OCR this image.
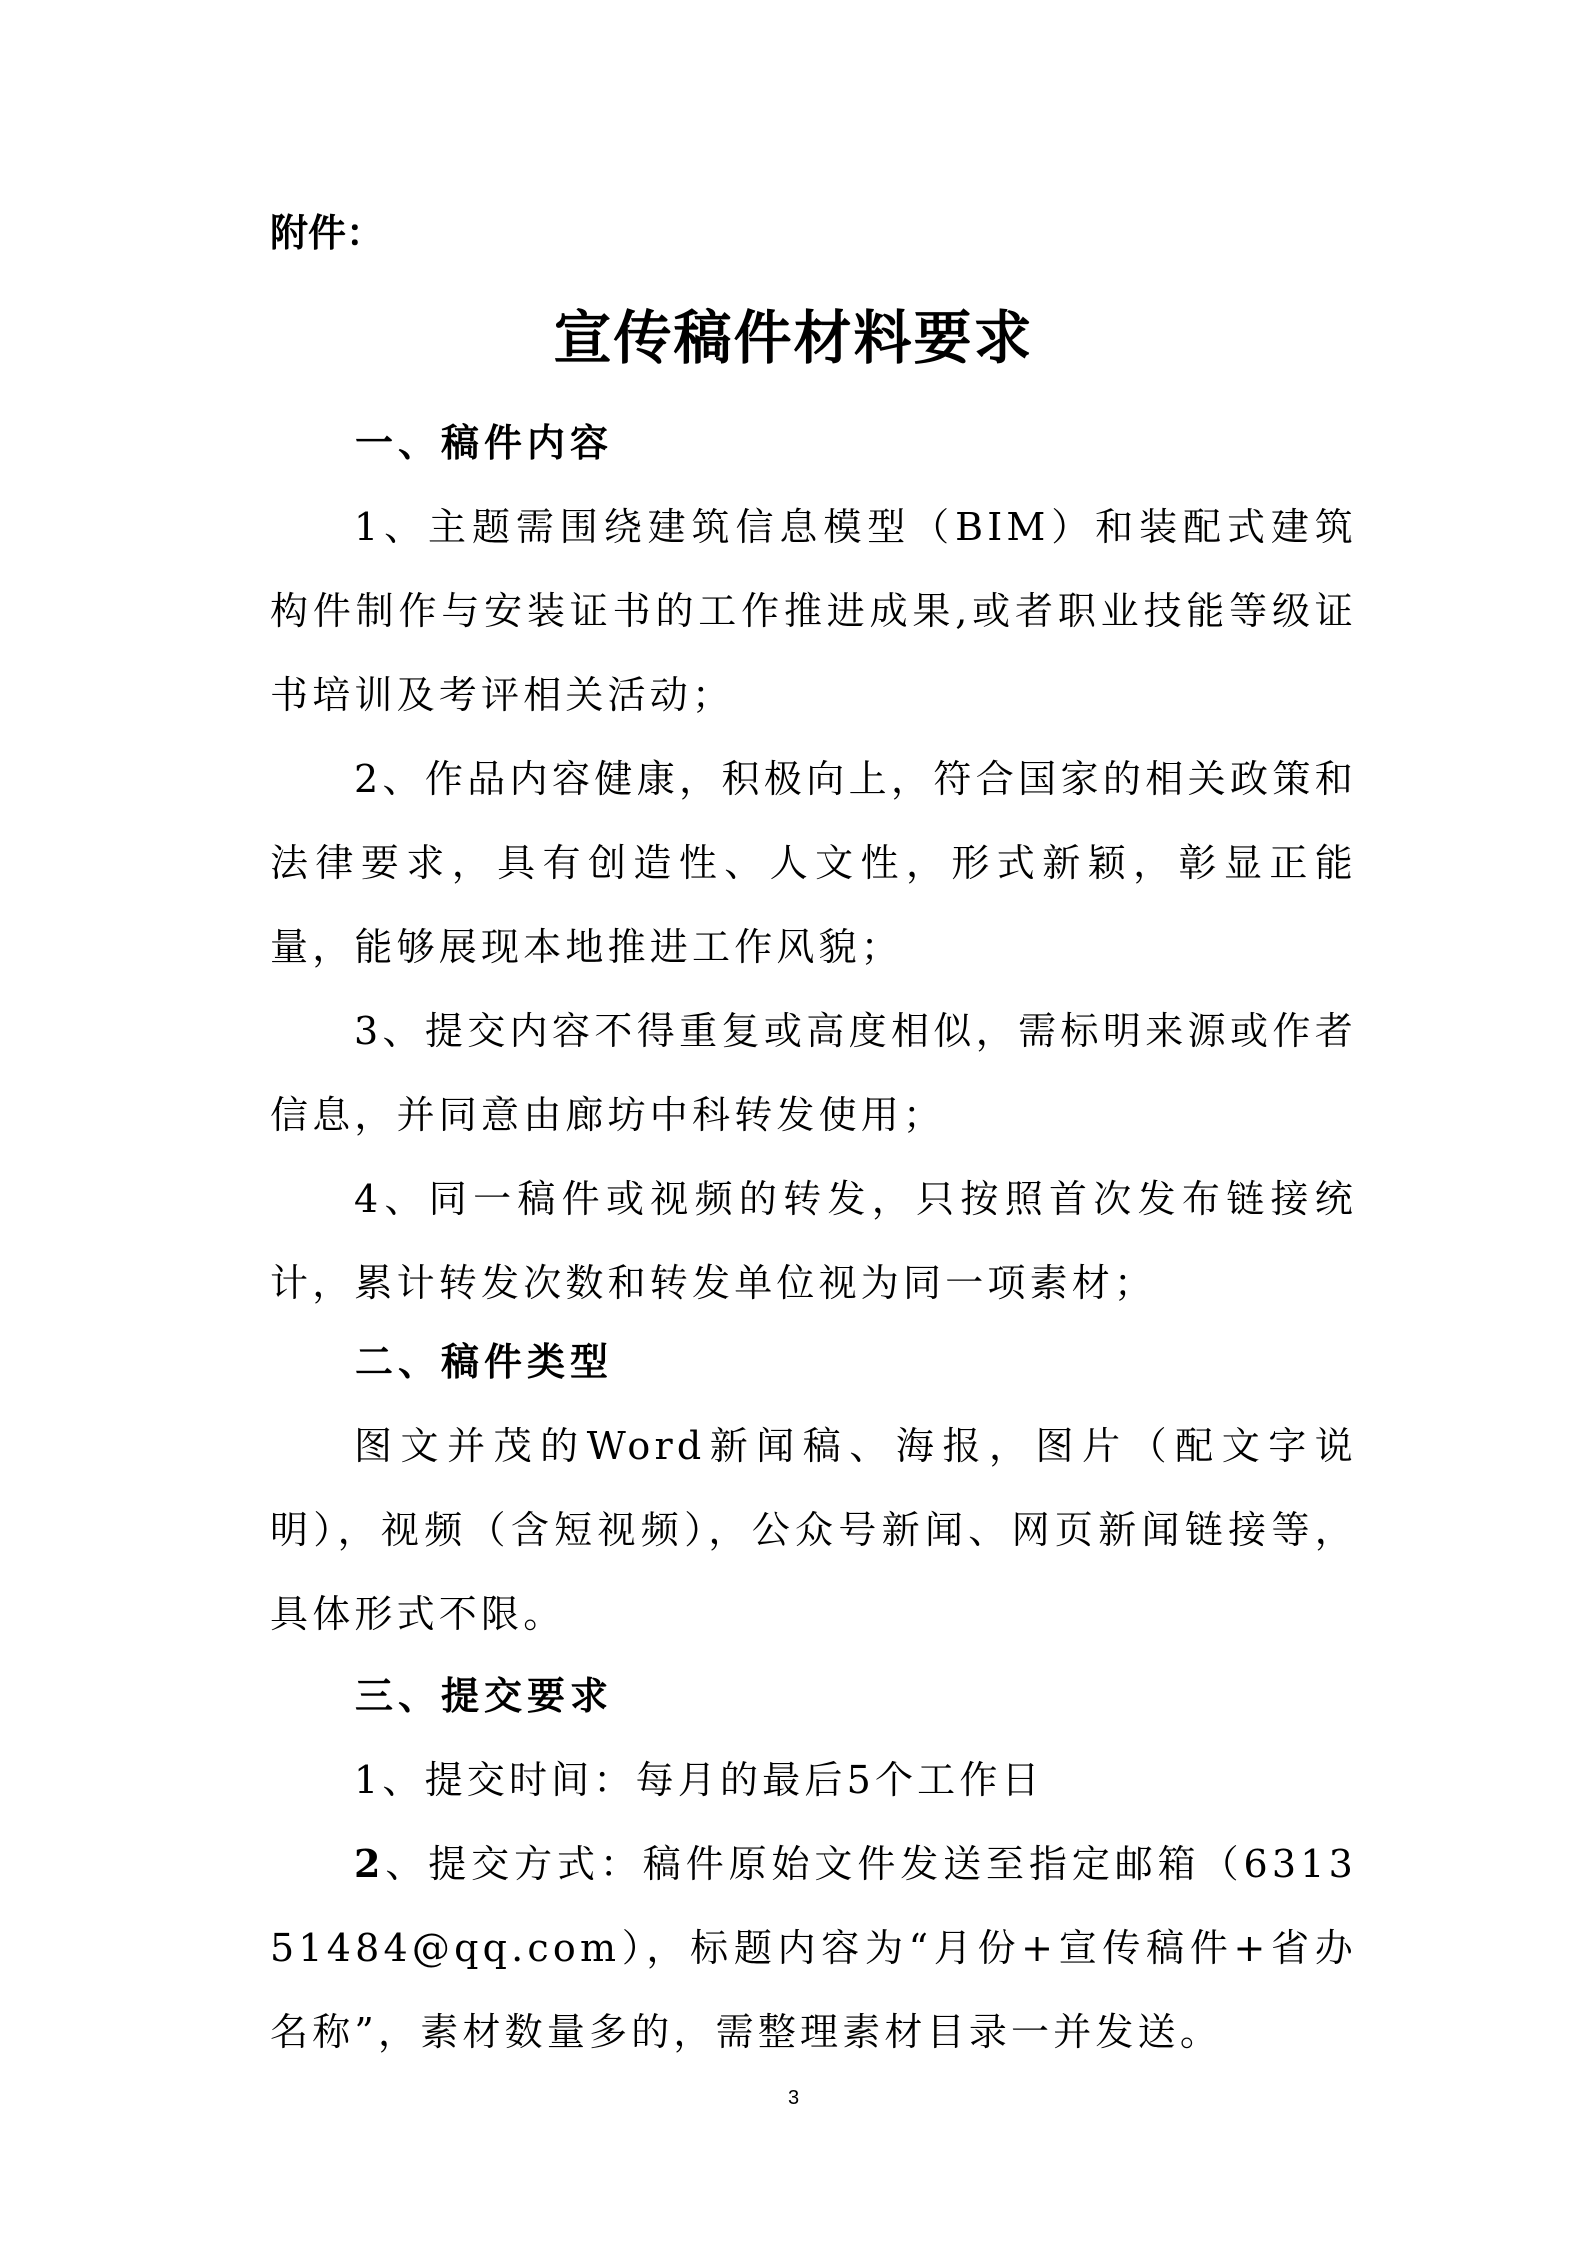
附件：
宣传稿件材料要求
一、稿件内容

1、主题需围绕建筑信息模型（BIM）和装配式建筑构件制作与安装证书的工作推进成果,或者职业技能等级证书培训及考评相关活动；

2、作品内容健康，积极向上，符合国家的相关政策和法律要求，具有创造性、人文性，形式新颖，彰显正能量，能够展现本地推进工作风貌；

3、提交内容不得重复或高度相似，需标明来源或作者信息，并同意由廊坊中科转发使用；

4、同一稿件或视频的转发，只按照首次发布链接统计，累计转发次数和转发单位视为同一项素材；

二、稿件类型

图文并茂的Word新闻稿、海报，图片（配文字说明），视频（含短视频），公众号新闻、网页新闻链接等，具体形式不限。

三、提交要求

1、提交时间：每月的最后5个工作日

2、提交方式：稿件原始文件发送至指定邮箱（631351484@qq.com），标题内容为“月份+宣传稿件+省办名称”，素材数量多的，需整理素材目录一并发送。

3
